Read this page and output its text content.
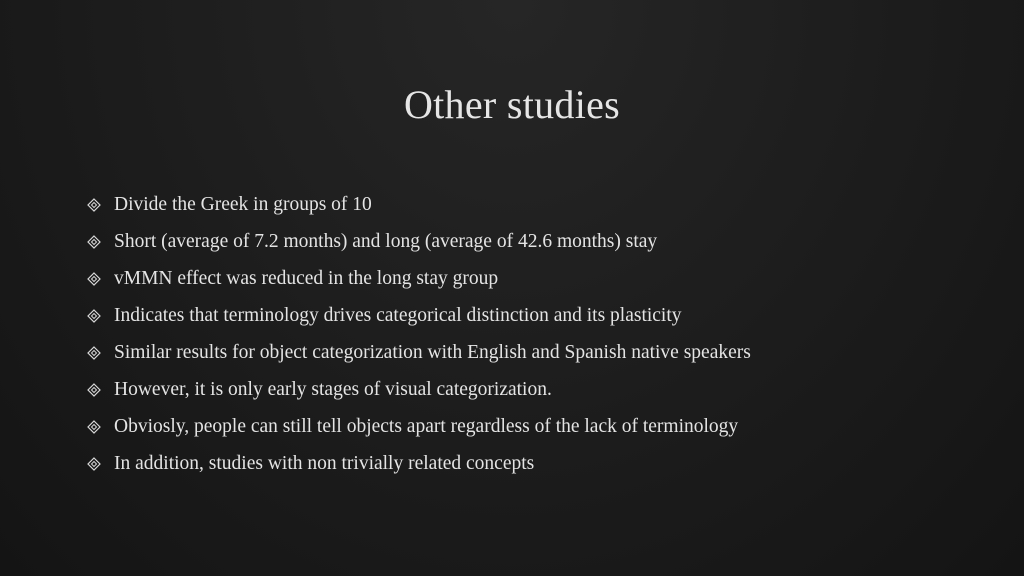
Other studies
Divide the Greek in groups of 10
Short (average of 7.2 months) and long (average of 42.6 months) stay
vMMN effect was reduced in the long stay group
Indicates that terminology drives categorical distinction and its plasticity
Similar results for object categorization with English and Spanish native speakers
However, it is only early stages of visual categorization.
Obviosly, people can still tell objects apart regardless of the lack of terminology
In addition, studies with non trivially related concepts
